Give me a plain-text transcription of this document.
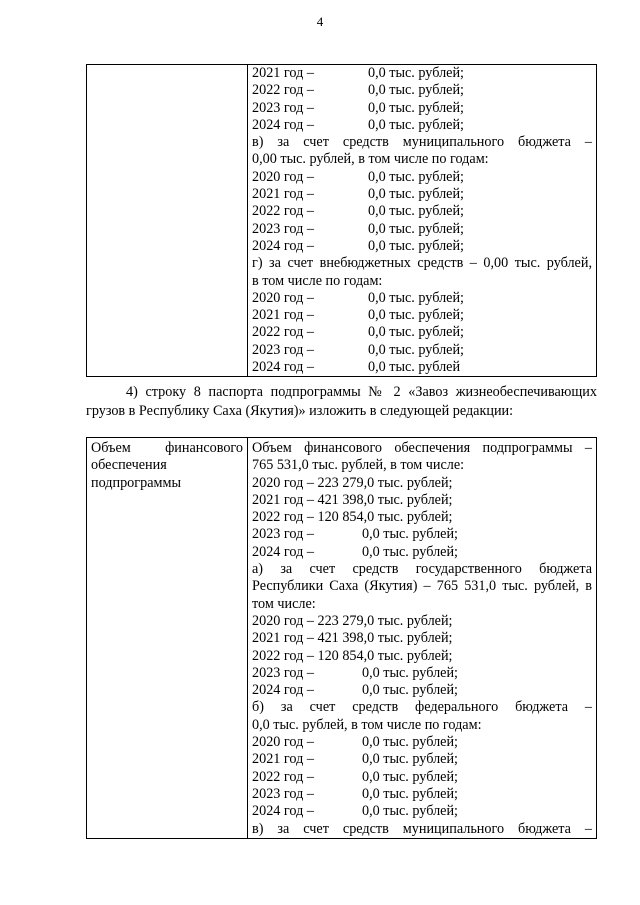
4

2021 год –	0,0 тыс. рублей;
2022 год –	0,0 тыс. рублей;
2023 год –	0,0 тыс. рублей;
2024 год –	0,0 тыс. рублей;
в) за счет средств муниципального бюджета –
0,00 тыс. рублей, в том числе по годам:
2020 год –	0,0 тыс. рублей;
2021 год –	0,0 тыс. рублей;
2022 год –	0,0 тыс. рублей;
2023 год –	0,0 тыс. рублей;
2024 год –	0,0 тыс. рублей;
г) за счет внебюджетных средств – 0,00 тыс. рублей,
в том числе по годам:
2020 год –	0,0 тыс. рублей;
2021 год –	0,0 тыс. рублей;
2022 год –	0,0 тыс. рублей;
2023 год –	0,0 тыс. рублей;
2024 год –	0,0 тыс. рублей
4) строку 8 паспорта подпрограммы № 2 «Завоз жизнеобеспечивающих грузов в Республику Саха (Якутия)» изложить в следующей редакции:
Объем финансового
обеспечения
подпрограммы

Объем финансового обеспечения подпрограммы –
765 531,0 тыс. рублей, в том числе:
2020 год – 223 279,0 тыс. рублей;
2021 год – 421 398,0 тыс. рублей;
2022 год – 120 854,0 тыс. рублей;
2023 год –	0,0 тыс. рублей;
2024 год –	0,0 тыс. рублей;
а) за счет средств государственного бюджета
Республики Саха (Якутия) – 765 531,0 тыс. рублей, в
том числе:
2020 год – 223 279,0 тыс. рублей;
2021 год – 421 398,0 тыс. рублей;
2022 год – 120 854,0 тыс. рублей;
2023 год –	0,0 тыс. рублей;
2024 год –	0,0 тыс. рублей;
б) за счет средств федерального бюджета –
0,0 тыс. рублей, в том числе по годам:
2020 год –	0,0 тыс. рублей;
2021 год –	0,0 тыс. рублей;
2022 год –	0,0 тыс. рублей;
2023 год –	0,0 тыс. рублей;
2024 год –	0,0 тыс. рублей;
в) за счет средств муниципального бюджета –
